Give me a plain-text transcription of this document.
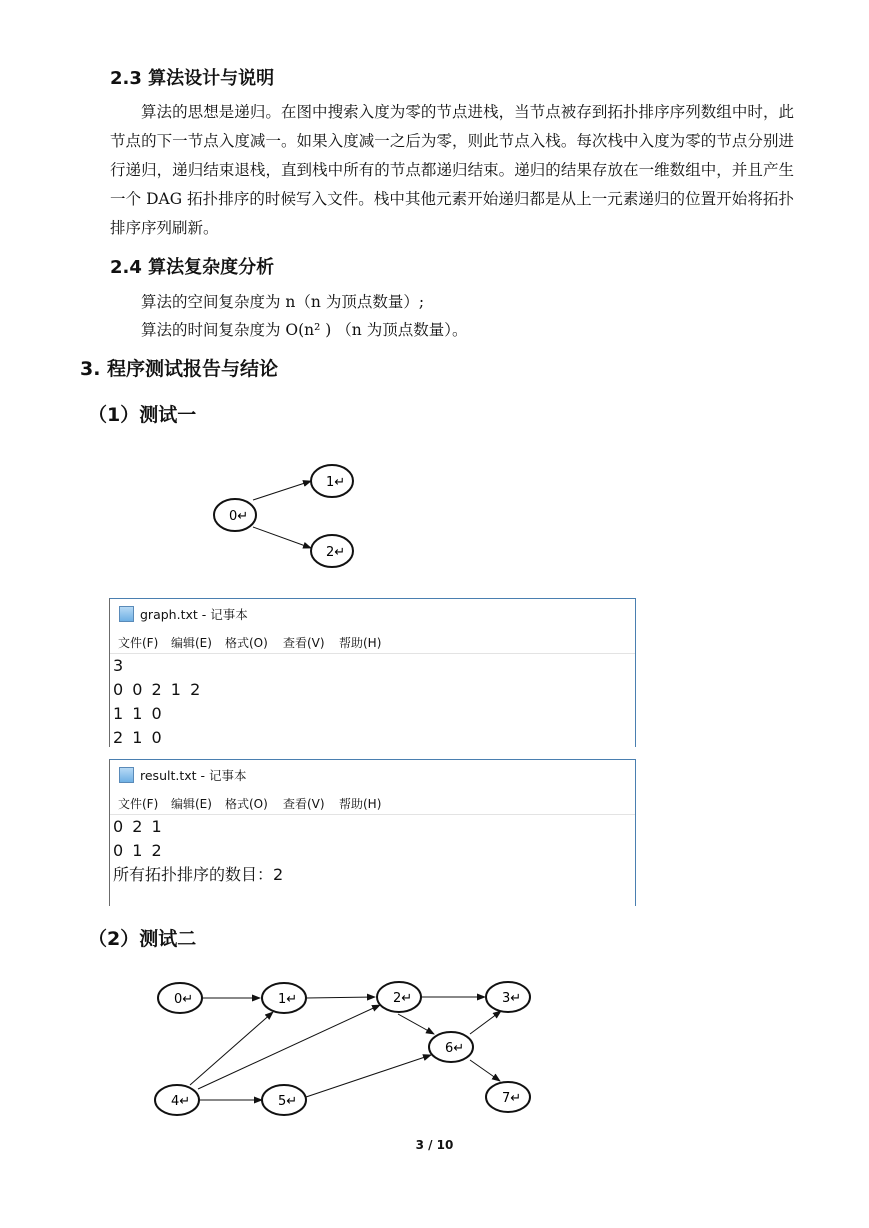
2.3 算法设计与说明
算法的思想是递归。在图中搜索入度为零的节点进栈，当节点被存到拓扑排序序列数组中时，此节点的下一节点入度减一。如果入度减一之后为零，则此节点入栈。每次栈中入度为零的节点分别进行递归，递归结束退栈，直到栈中所有的节点都递归结束。递归的结果存放在一维数组中，并且产生一个 DAG 拓扑排序的时候写入文件。栈中其他元素开始递归都是从上一元素递归的位置开始将拓扑排序序列刷新。
2.4 算法复杂度分析
算法的空间复杂度为 n（n 为顶点数量）;
算法的时间复杂度为 O(n² ) （n 为顶点数量）。
3. 程序测试报告与结论
（1）测试一
0↵
1↵
2↵
graph.txt - 记事本
文件(F) 编辑(E) 格式(O) 查看(V) 帮助(H)
3
0 0 2 1 2
1 1 0
2 1 0
result.txt - 记事本
文件(F) 编辑(E) 格式(O) 查看(V) 帮助(H)
0 2 1
0 1 2
所有拓扑排序的数目：2
（2）测试二
0↵	1↵	2↵	3↵
6↵
4↵	5↵	7↵
3 / 10
